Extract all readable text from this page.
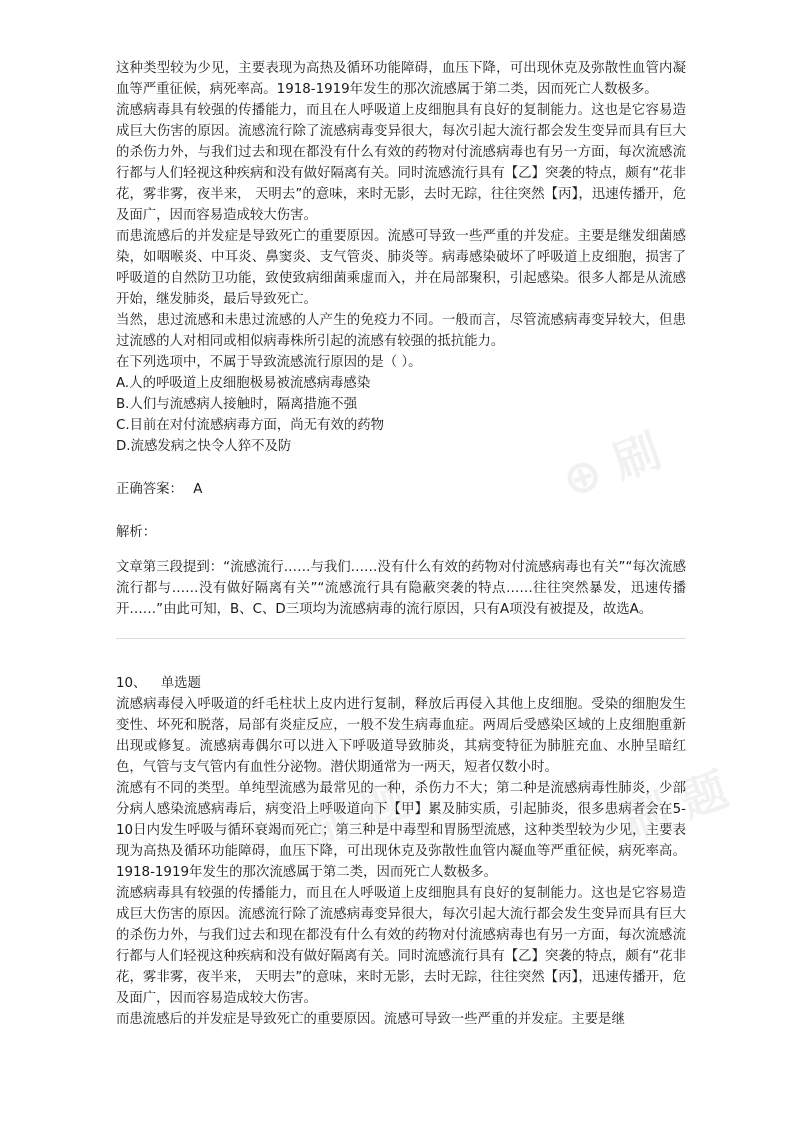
这种类型较为少见，主要表现为高热及循环功能障碍，血压下降，可出现休克及弥散性血管内凝血等严重征候，病死率高。1918-1919年发生的那次流感属于第二类，因而死亡人数极多。

流感病毒具有较强的传播能力，而且在人呼吸道上皮细胞具有良好的复制能力。这也是它容易造成巨大伤害的原因。流感流行除了流感病毒变异很大，每次引起大流行都会发生变异而具有巨大的杀伤力外，与我们过去和现在都没有什么有效的药物对付流感病毒也有另一方面，每次流感流行都与人们轻视这种疾病和没有做好隔离有关。同时流感流行具有【乙】突袭的特点，颇有“花非花，雾非雾，夜半来， 天明去”的意味，来时无影，去时无踪，往往突然【丙】，迅速传播开，危及面广，因而容易造成较大伤害。

而患流感后的并发症是导致死亡的重要原因。流感可导致一些严重的并发症。主要是继发细菌感染，如咽喉炎、中耳炎、鼻窦炎、支气管炎、肺炎等。病毒感染破坏了呼吸道上皮细胞，损害了呼吸道的自然防卫功能，致使致病细菌乘虚而入，并在局部聚积，引起感染。很多人都是从流感开始，继发肺炎，最后导致死亡。

当然，患过流感和未患过流感的人产生的免疫力不同。一般而言，尽管流感病毒变异较大，但患过流感的人对相同或相似病毒株所引起的流感有较强的抵抗能力。

在下列选项中，不属于导致流感流行原因的是（ ）。

A.人的呼吸道上皮细胞极易被流感病毒感染

B.人们与流感病人接触时，隔离措施不强

C.目前在对付流感病毒方面，尚无有效的药物

D.流感发病之快令人猝不及防

正确答案： A

解析：

文章第三段提到：“流感流行……与我们……没有什么有效的药物对付流感病毒也有关”“每次流感流行都与……没有做好隔离有关”“流感流行具有隐蔽突袭的特点……往往突然暴发，迅速传播开……”由此可知，B、C、D三项均为流感病毒的流行原因，只有A项没有被提及，故选A。

10、 单选题

流感病毒侵入呼吸道的纤毛柱状上皮内进行复制，释放后再侵入其他上皮细胞。受染的细胞发生变性、坏死和脱落，局部有炎症反应，一般不发生病毒血症。两周后受感染区域的上皮细胞重新出现或修复。流感病毒偶尔可以进入下呼吸道导致肺炎，其病变特征为肺脏充血、水肿呈暗红色，气管与支气管内有血性分泌物。潜伏期通常为一两天，短者仅数小时。

流感有不同的类型。单纯型流感为最常见的一种，杀伤力不大；第二种是流感病毒性肺炎，少部分病人感染流感病毒后，病变沿上呼吸道向下【甲】累及肺实质，引起肺炎，很多患病者会在5-10日内发生呼吸与循环衰竭而死亡；第三种是中毒型和胃肠型流感，这种类型较为少见，主要表现为高热及循环功能障碍，血压下降，可出现休克及弥散性血管内凝血等严重征候，病死率高。1918-1919年发生的那次流感属于第二类，因而死亡人数极多。

流感病毒具有较强的传播能力，而且在人呼吸道上皮细胞具有良好的复制能力。这也是它容易造成巨大伤害的原因。流感流行除了流感病毒变异很大，每次引起大流行都会发生变异而具有巨大的杀伤力外，与我们过去和现在都没有什么有效的药物对付流感病毒也有另一方面，每次流感流行都与人们轻视这种疾病和没有做好隔离有关。同时流感流行具有【乙】突袭的特点，颇有“花非花，雾非雾，夜半来， 天明去”的意味，来时无影，去时无踪，往往突然【丙】，迅速传播开，危及面广，因而容易造成较大伤害。

而患流感后的并发症是导致死亡的重要原因。流感可导致一些严重的并发症。主要是继

⊕ 刷
刷 题	刷 题
